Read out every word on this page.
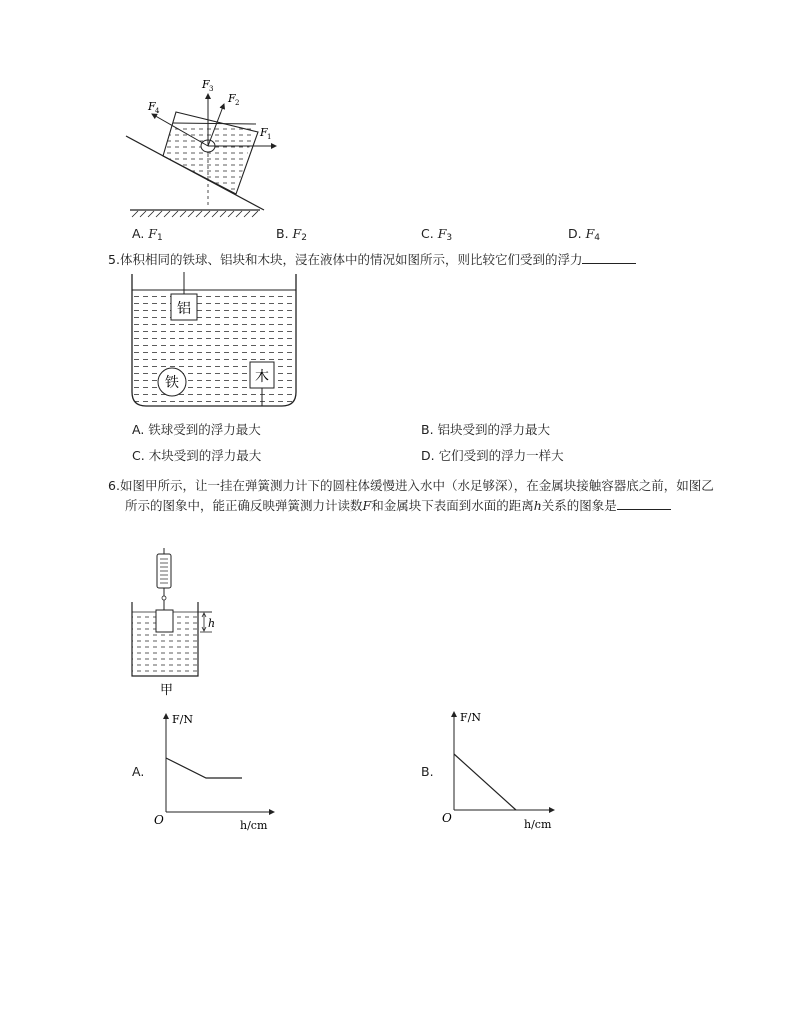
F 3
F 2
F 1
F 4
A. $F_1$	B. $F_2$	C. $F_3$	D. $F_4$
5.体积相同的铁球、铝块和木块，浸在液体中的情况如图所示，则比较它们受到的浮力
铝
铁	木
A. 铁球受到的浮力最大	B. 铝块受到的浮力最大
C. 木块受到的浮力最大	D. 它们受到的浮力一样大
6.如图甲所示，让一挂在弹簧测力计下的圆柱体缓慢进入水中（水足够深），在金属块接触容器底之前，如图乙所示的图象中，能正确反映弹簧测力计读数F和金属块下表面到水面的距离h关系的图象是
h
甲
A.
F/N
h/cm
O
B.
F/N
h/cm
O
